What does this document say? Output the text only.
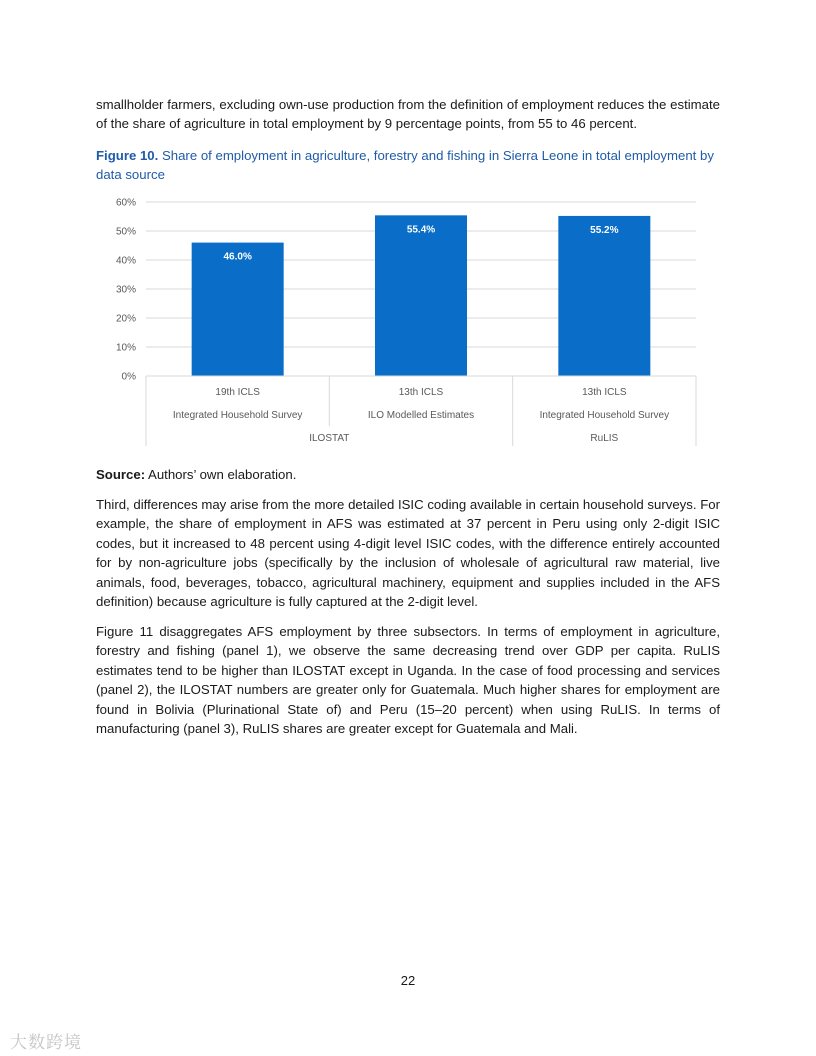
smallholder farmers, excluding own-use production from the definition of employment reduces the estimate of the share of agriculture in total employment by 9 percentage points, from 55 to 46 percent.

Figure 10. Share of employment in agriculture, forestry and fishing in Sierra Leone in total employment by data source

0%
10%
20%
30%
40%
50%
60%
46.0%
55.4%	55.2%
19th ICLS
Integrated Household Survey
13th ICLS
ILO Modelled Estimates
13th ICLS
Integrated Household Survey
ILOSTAT	RuLIS

Source: Authors’ own elaboration.

Third, differences may arise from the more detailed ISIC coding available in certain household surveys. For example, the share of employment in AFS was estimated at 37 percent in Peru using only 2-digit ISIC codes, but it increased to 48 percent using 4-digit level ISIC codes, with the difference entirely accounted for by non-agriculture jobs (specifically by the inclusion of wholesale of agricultural raw material, live animals, food, beverages, tobacco, agricultural machinery, equipment and supplies included in the AFS definition) because agriculture is fully captured at the 2-digit level.

Figure 11 disaggregates AFS employment by three subsectors. In terms of employment in agriculture, forestry and fishing (panel 1), we observe the same decreasing trend over GDP per capita. RuLIS estimates tend to be higher than ILOSTAT except in Uganda. In the case of food processing and services (panel 2), the ILOSTAT numbers are greater only for Guatemala. Much higher shares for employment are found in Bolivia (Plurinational State of) and Peru (15–20 percent) when using RuLIS. In terms of manufacturing (panel 3), RuLIS shares are greater except for Guatemala and Mali.

22
大数跨境
